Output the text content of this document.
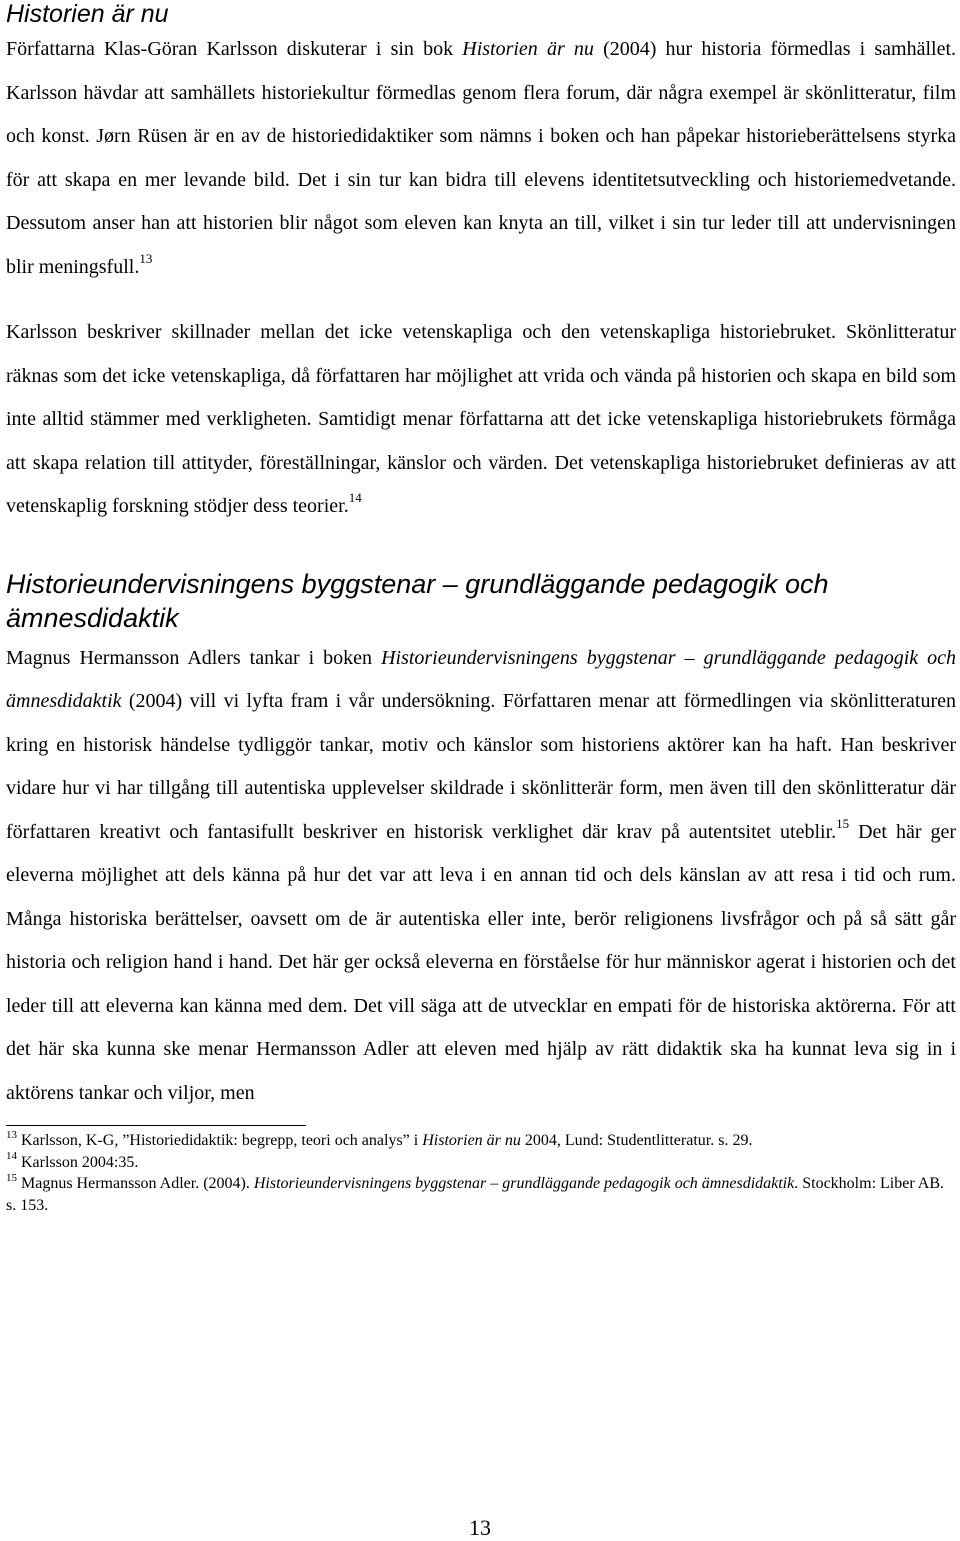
Historien är nu

Författarna Klas-Göran Karlsson diskuterar i sin bok Historien är nu (2004) hur historia förmedlas i samhället. Karlsson hävdar att samhällets historiekultur förmedlas genom flera forum, där några exempel är skönlitteratur, film och konst. Jørn Rüsen är en av de historiedidaktiker som nämns i boken och han påpekar historieberättelsens styrka för att skapa en mer levande bild. Det i sin tur kan bidra till elevens identitetsutveckling och historiemedvetande. Dessutom anser han att historien blir något som eleven kan knyta an till, vilket i sin tur leder till att undervisningen blir meningsfull.$^{13}$

Karlsson beskriver skillnader mellan det icke vetenskapliga och den vetenskapliga historiebruket. Skönlitteratur räknas som det icke vetenskapliga, då författaren har möjlighet att vrida och vända på historien och skapa en bild som inte alltid stämmer med verkligheten. Samtidigt menar författarna att det icke vetenskapliga historiebrukets förmåga att skapa relation till attityder, föreställningar, känslor och värden. Det vetenskapliga historiebruket definieras av att vetenskaplig forskning stödjer dess teorier.$^{14}$

Historieundervisningens byggstenar – grundläggande pedagogik och ämnesdidaktik

Magnus Hermansson Adlers tankar i boken Historieundervisningens byggstenar – grundläggande pedagogik och ämnesdidaktik (2004) vill vi lyfta fram i vår undersökning. Författaren menar att förmedlingen via skönlitteraturen kring en historisk händelse tydliggör tankar, motiv och känslor som historiens aktörer kan ha haft. Han beskriver vidare hur vi har tillgång till autentiska upplevelser skildrade i skönlitterär form, men även till den skönlitteratur där författaren kreativt och fantasifullt beskriver en historisk verklighet där krav på autentsitet uteblir.$^{15}$ Det här ger eleverna möjlighet att dels känna på hur det var att leva i en annan tid och dels känslan av att resa i tid och rum. Många historiska berättelser, oavsett om de är autentiska eller inte, berör religionens livsfrågor och på så sätt går historia och religion hand i hand. Det här ger också eleverna en förståelse för hur människor agerat i historien och det leder till att eleverna kan känna med dem. Det vill säga att de utvecklar en empati för de historiska aktörerna. För att det här ska kunna ske menar Hermansson Adler att eleven med hjälp av rätt didaktik ska ha kunnat leva sig in i aktörens tankar och viljor, men

$^{13}$ Karlsson, K-G, ”Historiedidaktik: begrepp, teori och analys” i Historien är nu 2004, Lund: Studentlitteratur. s. 29.

$^{14}$ Karlsson 2004:35.

$^{15}$ Magnus Hermansson Adler. (2004). Historieundervisningens byggstenar – grundläggande pedagogik och ämnesdidaktik. Stockholm: Liber AB. s. 153.

13
